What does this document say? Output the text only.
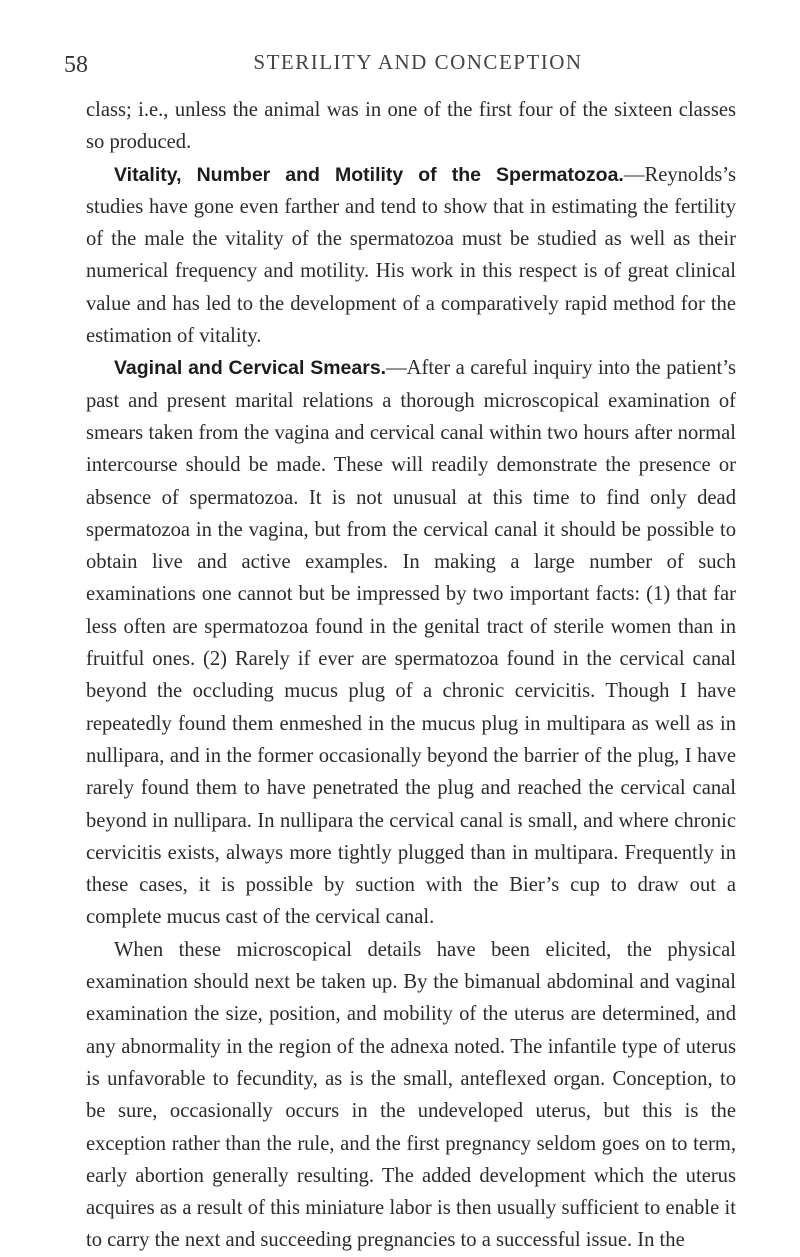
58	STERILITY AND CONCEPTION

class; i.e., unless the animal was in one of the first four of the sixteen classes so produced.

Vitality, Number and Motility of the Spermatozoa.—Reynolds’s studies have gone even farther and tend to show that in estimating the fertility of the male the vitality of the spermatozoa must be studied as well as their numerical frequency and motility. His work in this respect is of great clinical value and has led to the development of a comparatively rapid method for the estimation of vitality.

Vaginal and Cervical Smears.—After a careful inquiry into the patient’s past and present marital relations a thorough microscopical examination of smears taken from the vagina and cervical canal within two hours after normal intercourse should be made. These will readily demonstrate the presence or absence of spermatozoa. It is not unusual at this time to find only dead spermatozoa in the vagina, but from the cervical canal it should be possible to obtain live and active examples. In making a large number of such examinations one cannot but be impressed by two important facts: (1) that far less often are spermatozoa found in the genital tract of sterile women than in fruitful ones. (2) Rarely if ever are spermatozoa found in the cervical canal beyond the occluding mucus plug of a chronic cervicitis. Though I have repeatedly found them enmeshed in the mucus plug in multipara as well as in nullipara, and in the former occasionally beyond the barrier of the plug, I have rarely found them to have penetrated the plug and reached the cervical canal beyond in nullipara. In nullipara the cervical canal is small, and where chronic cervicitis exists, always more tightly plugged than in multipara. Frequently in these cases, it is possible by suction with the Bier’s cup to draw out a complete mucus cast of the cervical canal.

When these microscopical details have been elicited, the physical examination should next be taken up. By the bimanual abdominal and vaginal examination the size, position, and mobility of the uterus are determined, and any abnormality in the region of the adnexa noted. The infantile type of uterus is unfavorable to fecundity, as is the small, anteflexed organ. Conception, to be sure, occasionally occurs in the undeveloped uterus, but this is the exception rather than the rule, and the first pregnancy seldom goes on to term, early abortion generally resulting. The added development which the uterus acquires as a result of this miniature labor is then usually sufficient to enable it to carry the next and succeeding pregnancies to a successful issue. In the
